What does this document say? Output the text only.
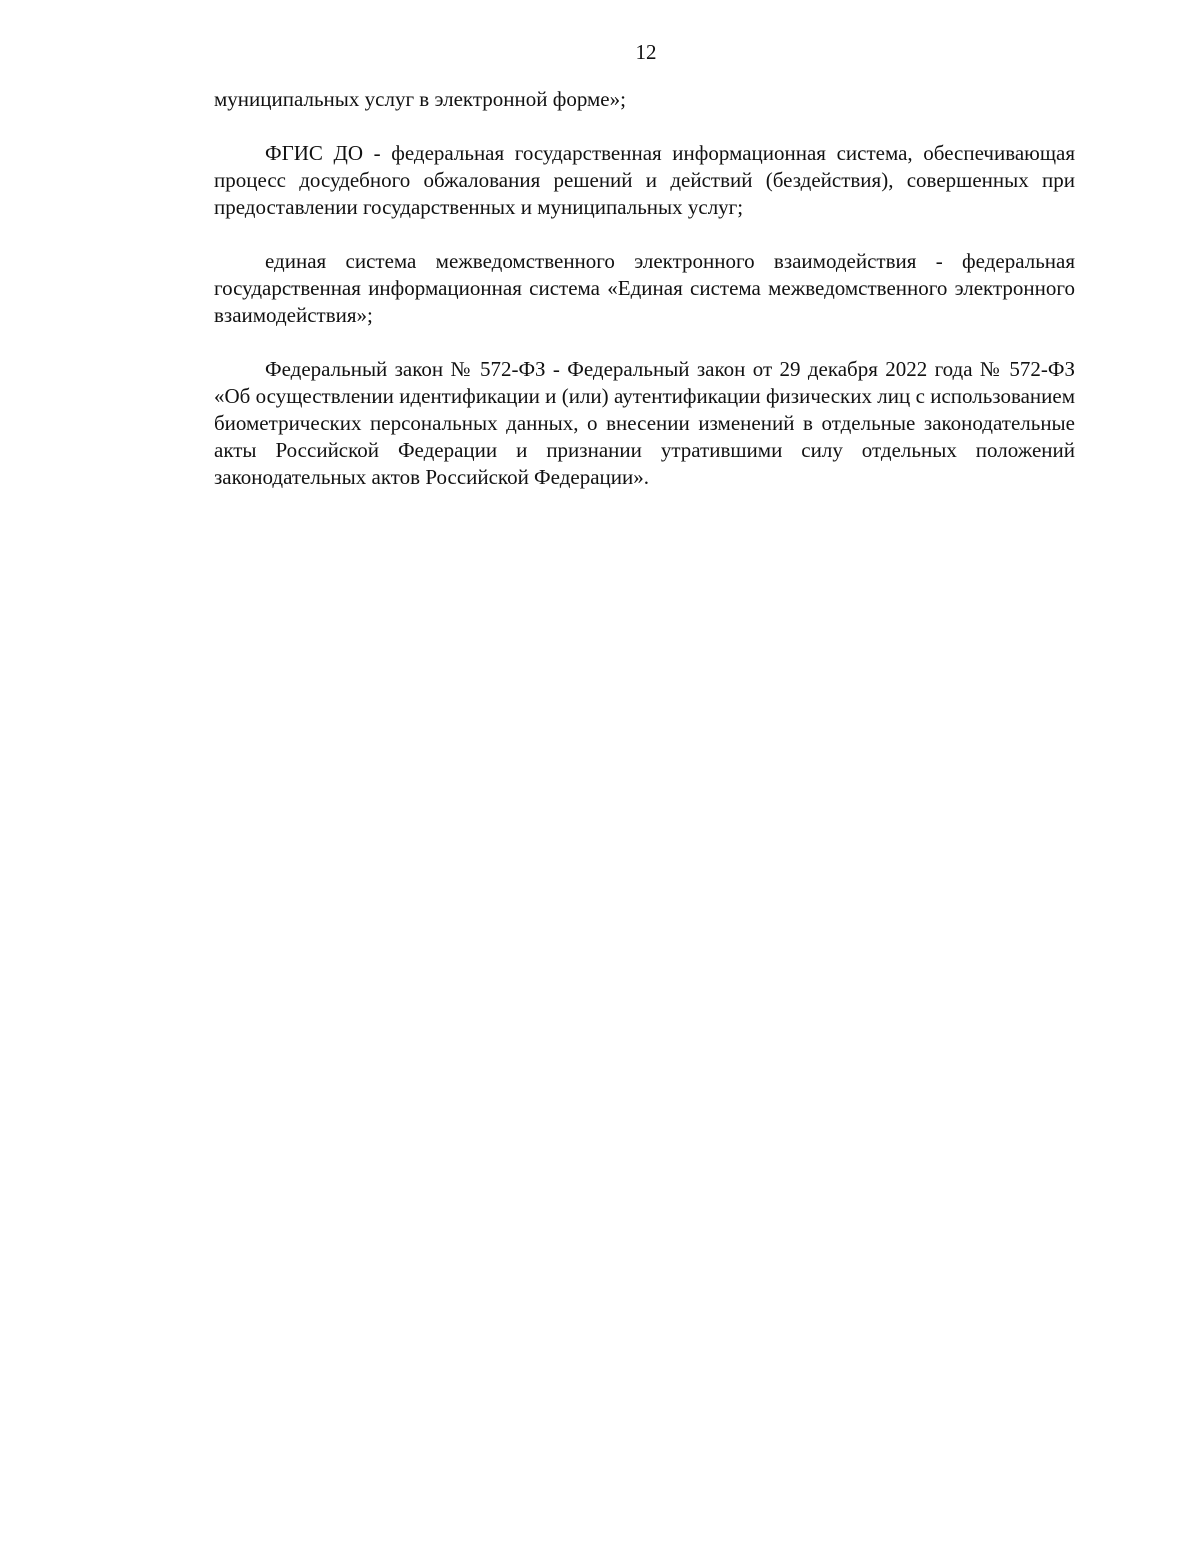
12

муниципальных услуг в электронной форме»;

ФГИС ДО - федеральная государственная информационная система, обеспечивающая процесс досудебного обжалования решений и действий (бездействия), совершенных при предоставлении государственных и муниципальных услуг;

единая система межведомственного электронного взаимодействия - федеральная государственная информационная система «Единая система межведомственного электронного взаимодействия»;

Федеральный закон № 572-ФЗ - Федеральный закон от 29 декабря 2022 года № 572-ФЗ «Об осуществлении идентификации и (или) аутентификации физических лиц с использованием биометрических персональных данных, о внесении изменений в отдельные законодательные акты Российской Федерации и признании утратившими силу отдельных положений законодательных актов Российской Федерации».
